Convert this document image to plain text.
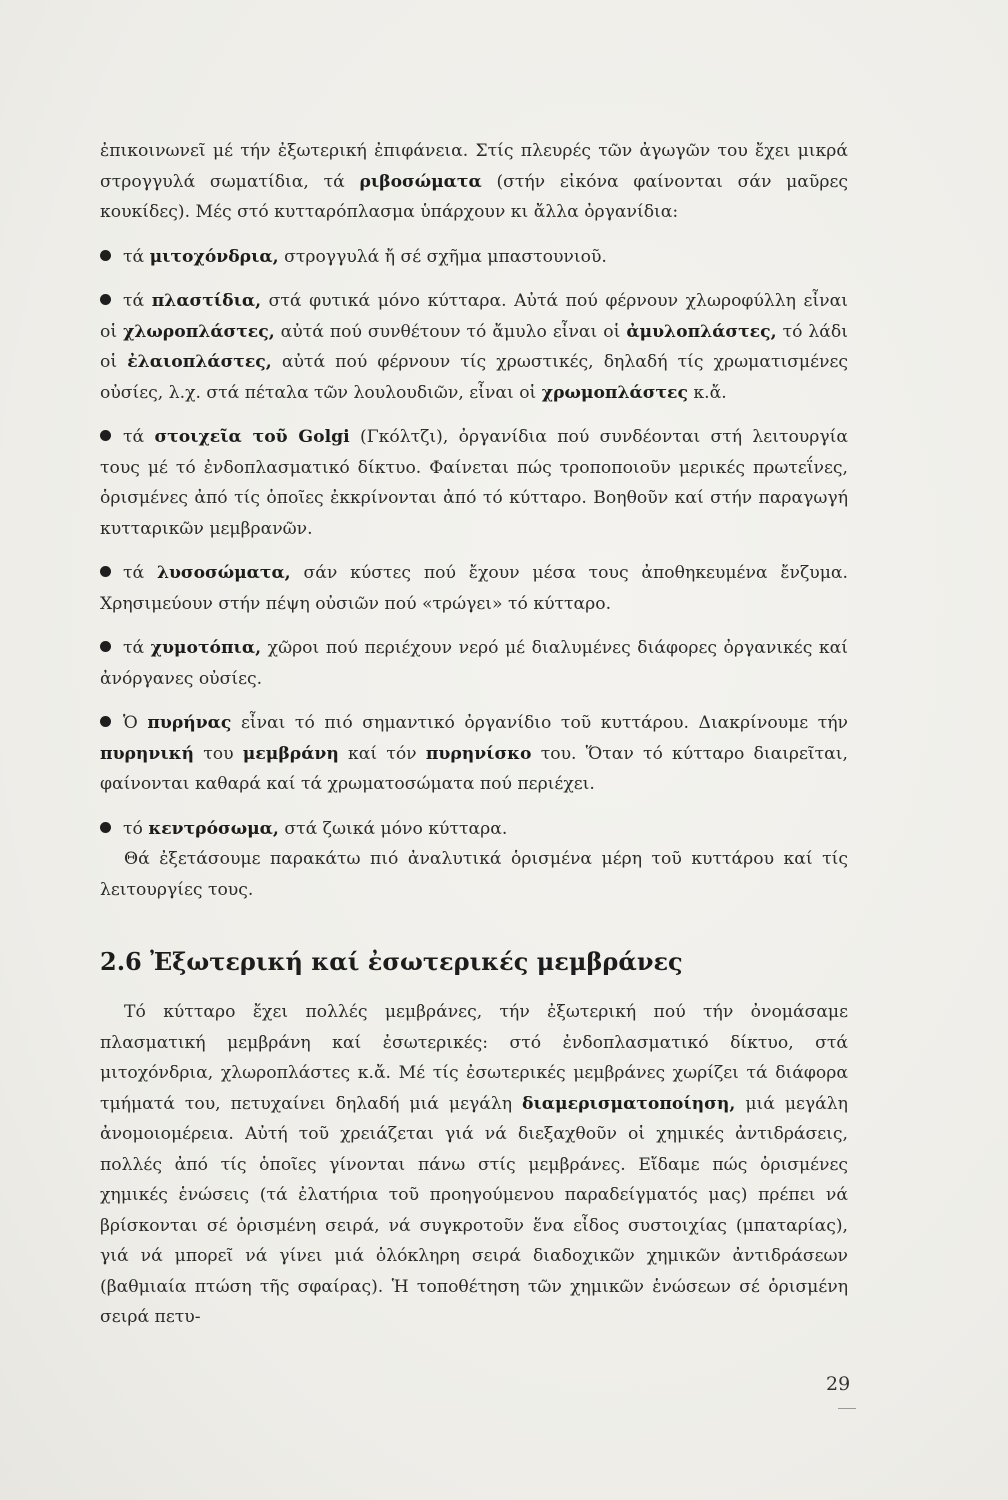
ἐπικοινωνεῖ μέ τήν ἐξωτερική ἐπιφάνεια. Στίς πλευρές τῶν ἀγωγῶν του ἔχει μικρά στρογγυλά σωματίδια, τά ριβοσώματα (στήν εἰκόνα φαίνονται σάν μαῦρες κουκίδες). Μές στό κυτταρόπλασμα ὑπάρχουν κι ἄλλα ὀργανίδια:

τά μιτοχόνδρια, στρογγυλά ἤ σέ σχῆμα μπαστουνιοῦ.

τά πλαστίδια, στά φυτικά μόνο κύτταρα. Αὐτά πού φέρνουν χλωροφύλλη εἶναι οἱ χλωροπλάστες, αὐτά πού συνθέτουν τό ἄμυλο εἶναι οἱ ἀμυλοπλάστες, τό λάδι οἱ ἐλαιοπλάστες, αὐτά πού φέρνουν τίς χρωστικές, δηλαδή τίς χρωματισμένες οὐσίες, λ.χ. στά πέταλα τῶν λουλουδιῶν, εἶναι οἱ χρωμοπλάστες κ.ἄ.

τά στοιχεῖα τοῦ Golgi (Γκόλτζι), ὀργανίδια πού συνδέονται στή λειτουργία τους μέ τό ἐνδοπλασματικό δίκτυο. Φαίνεται πώς τροποποιοῦν μερικές πρωτεΐνες, ὁρισμένες ἀπό τίς ὁποῖες ἐκκρίνονται ἀπό τό κύτταρο. Βοηθοῦν καί στήν παραγωγή κυτταρικῶν μεμβρανῶν.

τά λυσοσώματα, σάν κύστες πού ἔχουν μέσα τους ἀποθηκευμένα ἔνζυμα. Χρησιμεύουν στήν πέψη οὐσιῶν πού «τρώγει» τό κύτταρο.

τά χυμοτόπια, χῶροι πού περιέχουν νερό μέ διαλυμένες διάφορες ὀργανικές καί ἀνόργανες οὐσίες.

Ὁ πυρήνας εἶναι τό πιό σημαντικό ὀργανίδιο τοῦ κυττάρου. Διακρίνουμε τήν πυρηνική του μεμβράνη καί τόν πυρηνίσκο του. Ὅταν τό κύτταρο διαιρεῖται, φαίνονται καθαρά καί τά χρωματοσώματα πού περιέχει.

τό κεντρόσωμα, στά ζωικά μόνο κύτταρα.

Θά ἐξετάσουμε παρακάτω πιό ἀναλυτικά ὁρισμένα μέρη τοῦ κυττάρου καί τίς λειτουργίες τους.

2.6 Ἐξωτερική καί ἐσωτερικές μεμβράνες

Τό κύτταρο ἔχει πολλές μεμβράνες, τήν ἐξωτερική πού τήν ὀνομάσαμε πλασματική μεμβράνη καί ἐσωτερικές: στό ἐνδοπλασματικό δίκτυο, στά μιτοχόνδρια, χλωροπλάστες κ.ἄ. Μέ τίς ἐσωτερικές μεμβράνες χωρίζει τά διάφορα τμήματά του, πετυχαίνει δηλαδή μιά μεγάλη διαμερισματοποίηση, μιά μεγάλη ἀνομοιομέρεια. Αὐτή τοῦ χρειάζεται γιά νά διεξαχθοῦν οἱ χημικές ἀντιδράσεις, πολλές ἀπό τίς ὁποῖες γίνονται πάνω στίς μεμβράνες. Εἴδαμε πώς ὁρισμένες χημικές ἑνώσεις (τά ἐλατήρια τοῦ προηγούμενου παραδείγματός μας) πρέπει νά βρίσκονται σέ ὁρισμένη σειρά, νά συγκροτοῦν ἕνα εἶδος συστοιχίας (μπαταρίας), γιά νά μπορεῖ νά γίνει μιά ὁλόκληρη σειρά διαδοχικῶν χημικῶν ἀντιδράσεων (βαθμιαία πτώση τῆς σφαίρας). Ἡ τοποθέτηση τῶν χημικῶν ἑνώσεων σέ ὁρισμένη σειρά πετυ-

29
